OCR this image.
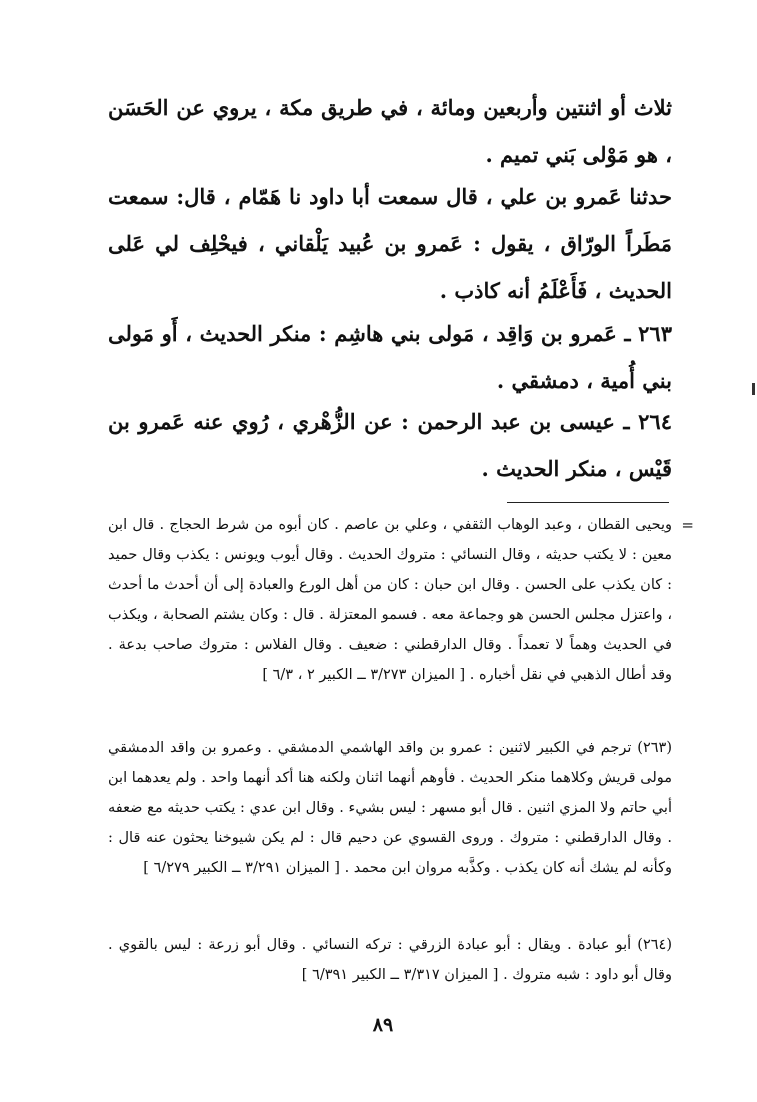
ثلاث أو اثنتين وأربعين ومائة ، في طريق مكة ، يروي عن الحَسَن ، هو مَوْلى بَني تميم .

حدثنا عَمرو بن علي ، قال سمعت أبا داود نا هَمّام ، قال: سمعت مَطَراً الورّاق ، يقول : عَمرو بن عُبيد يَلْقاني ، فيحْلِف لي عَلى الحديث ، فَأَعْلَمُ أنه كاذب .

٢٦٣ ـ عَمرو بن وَاقِد ، مَولى بني هاشِم : منكر الحديث ، أَو مَولى بني أُمية ، دمشقي .

٢٦٤ ـ عيسى بن عبد الرحمن : عن الزُّهْري ، رُوي عنه عَمرو بن قَيْس ، منكر الحديث .

=

ويحيى القطان ، وعبد الوهاب الثقفي ، وعلي بن عاصم . كان أبوه من شرط الحجاج . قال ابن معين : لا يكتب حديثه ، وقال النسائي : متروك الحديث . وقال أيوب ويونس : يكذب وقال حميد : كان يكذب على الحسن . وقال ابن حبان : كان من أهل الورع والعبادة إلى أن أحدث ما أحدث ، واعتزل مجلس الحسن هو وجماعة معه . فسمو المعتزلة . قال : وكان يشتم الصحابة ، ويكذب في الحديث وهماً لا تعمداً . وقال الدارقطني : ضعيف . وقال الفلاس : متروك صاحب بدعة . وقد أطال الذهبي في نقل أخباره . [ الميزان ٣/٢٧٣ ــ الكبير ٢ ، ٦/٣ ]

(٢٦٣) ترجم في الكبير لاثنين : عمرو بن واقد الهاشمي الدمشقي . وعمرو بن واقد الدمشقي مولى قريش وكلاهما منكر الحديث . فأوهم أنهما اثنان ولكنه هنا أكد أنهما واحد . ولم يعدهما ابن أبي حاتم ولا المزي اثنين . قال أبو مسهر : ليس بشيء . وقال ابن عدي : يكتب حديثه مع ضعفه . وقال الدارقطني : متروك . وروى القسوي عن دحيم قال : لم يكن شيوخنا يحثون عنه قال : وكأنه لم يشك أنه كان يكذب . وكذَّبه مروان ابن محمد . [ الميزان ٣/٢٩١ ــ الكبير ٦/٢٧٩ ]

(٢٦٤) أبو عبادة . ويقال : أبو عبادة الزرقي : تركه النسائي . وقال أبو زرعة : ليس بالقوي . وقال أبو داود : شبه متروك . [ الميزان ٣/٣١٧ ــ الكبير ٦/٣٩١ ]

٨٩
